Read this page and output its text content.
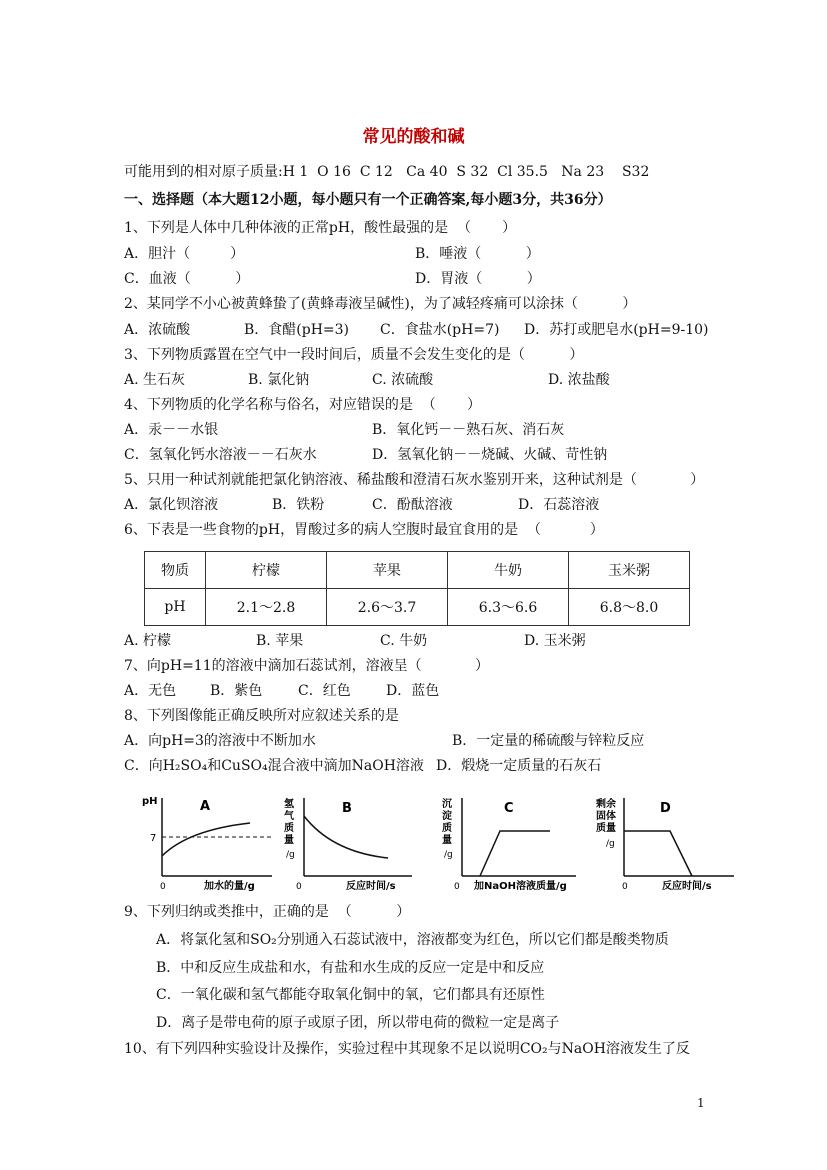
常见的酸和碱
可能用到的相对原子质量:H 1  O 16  C 12   Ca 40  S 32  Cl 35.5   Na 23    S32
一、选择题（本大题12小题，每小题只有一个正确答案,每小题3分，共36分）
1、下列是人体中几种体液的正常pH，酸性最强的是  （       ）
A．胆汁（         ）	B．唾液（          ）
C．血液（          ）	D．胃液（          ）
2、某同学不小心被黄蜂蛰了(黄蜂毒液呈碱性)，为了减轻疼痛可以涂抹（          ）
A．浓硫酸	B．食醋(pH=3) C．食盐水(pH=7) D．苏打或肥皂水(pH=9-10)
3、下列物质露置在空气中一段时间后，质量不会发生变化的是（          ）
A. 生石灰	B. 氯化钠	C. 浓硫酸	D. 浓盐酸
4、下列物质的化学名称与俗名，对应错误的是  （       ）
A．汞－－水银	B．氧化钙－－熟石灰、消石灰
C．氢氧化钙水溶液－－石灰水	D．氢氧化钠－－烧碱、火碱、苛性钠
5、只用一种试剂就能把氯化钠溶液、稀盐酸和澄清石灰水鉴别开来，这种试剂是（            ）
A．氯化钡溶液	B．铁粉	C．酚酞溶液	D．石蕊溶液
6、下表是一些食物的pH，胃酸过多的病人空腹时最宜食用的是  （           ）
物质	柠檬	苹果	牛奶	玉米粥
pH	2.1～2.8	2.6～3.7	6.3～6.6	6.8～8.0
A. 柠檬	B. 苹果	C. 牛奶	D. 玉米粥
7、向pH=11的溶液中滴加石蕊试剂，溶液呈（            ）
A．无色 B．紫色	C．红色	D．蓝色
8、下列图像能正确反映所对应叙述关系的是
A．向pH=3的溶液中不断加水	B．一定量的稀硫酸与锌粒反应
C．向H₂SO₄和CuSO₄混合液中滴加NaOH溶液 D．煅烧一定质量的石灰石
pH	A
7
0	加水的量/g
氢
气
质
量
/g
B
0	反应时间/s
沉
淀
质
量
/g
C
0 加NaOH溶液质量/g
剩余
固体
质量
/g
D
0	反应时间/s
9、下列归纳或类推中，正确的是  （          ）
A．将氯化氢和SO₂分别通入石蕊试液中，溶液都变为红色，所以它们都是酸类物质
B．中和反应生成盐和水，有盐和水生成的反应一定是中和反应
C．一氧化碳和氢气都能夺取氧化铜中的氧，它们都具有还原性
D．离子是带电荷的原子或原子团，所以带电荷的微粒一定是离子
10、有下列四种实验设计及操作，实验过程中其现象不足以说明CO₂与NaOH溶液发生了反
1
